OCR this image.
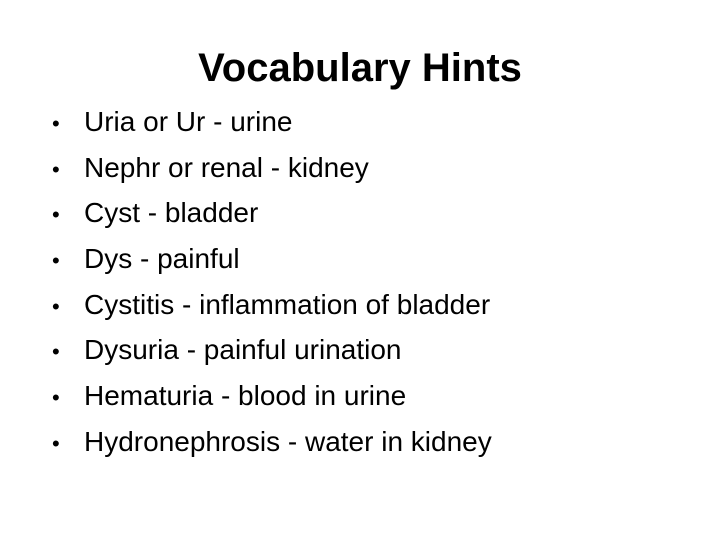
Vocabulary Hints
• Uria or Ur - urine
• Nephr or renal - kidney
• Cyst - bladder
• Dys - painful
• Cystitis - inflammation of bladder
• Dysuria - painful urination
• Hematuria - blood in urine
• Hydronephrosis - water in kidney
